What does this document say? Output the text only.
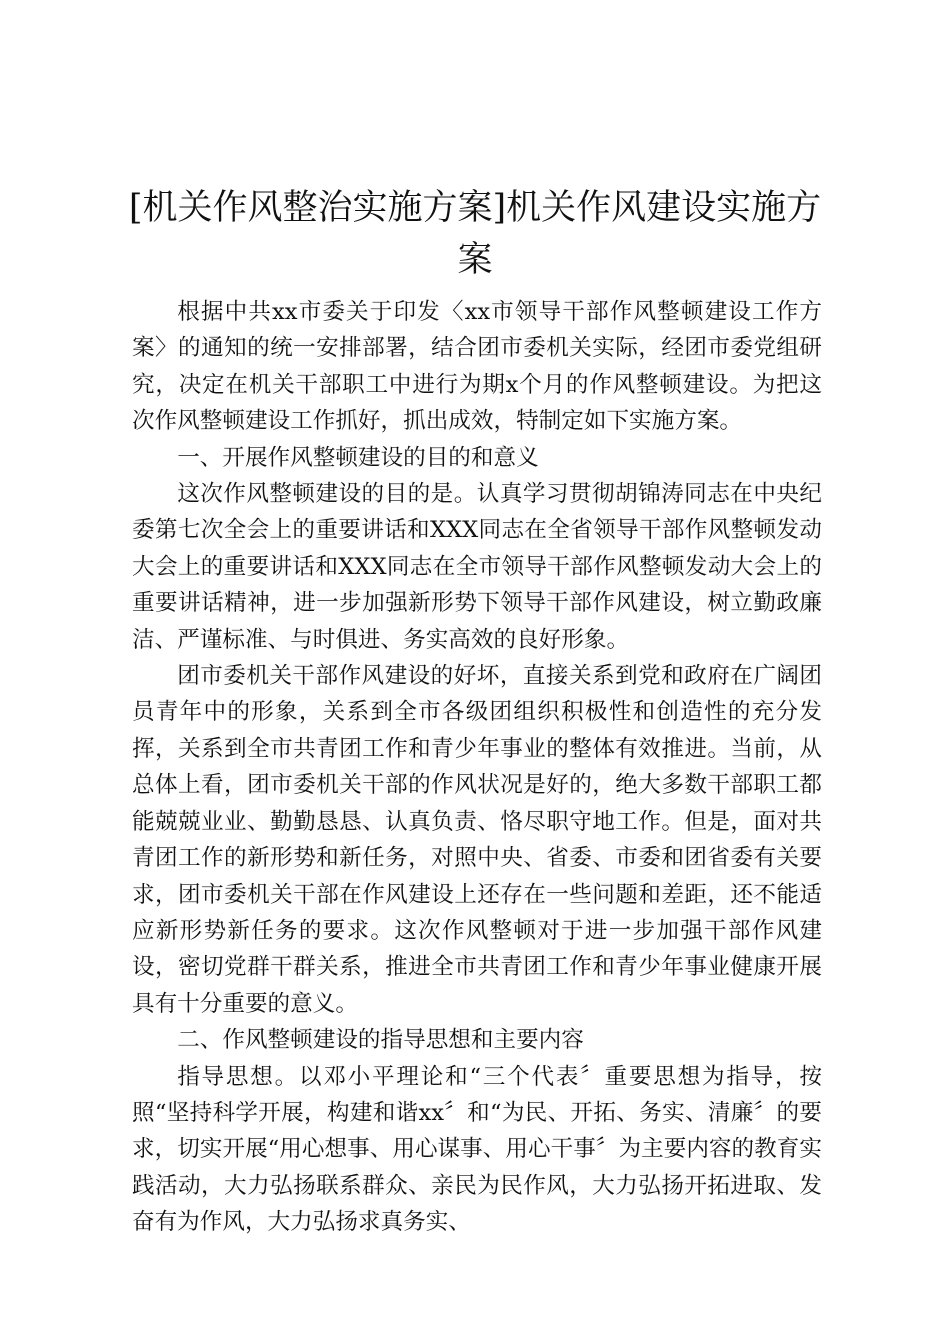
[机关作风整治实施方案]机关作风建设实施方案

根据中共xx市委关于印发〈xx市领导干部作风整顿建设工作方案〉的通知的统一安排部署，结合团市委机关实际，经团市委党组研究，决定在机关干部职工中进行为期x个月的作风整顿建设。为把这次作风整顿建设工作抓好，抓出成效，特制定如下实施方案。

一、开展作风整顿建设的目的和意义

这次作风整顿建设的目的是。认真学习贯彻胡锦涛同志在中央纪委第七次全会上的重要讲话和XXX同志在全省领导干部作风整顿发动大会上的重要讲话和XXX同志在全市领导干部作风整顿发动大会上的重要讲话精神，进一步加强新形势下领导干部作风建设，树立勤政廉洁、严谨标准、与时俱进、务实高效的良好形象。

团市委机关干部作风建设的好坏，直接关系到党和政府在广阔团员青年中的形象，关系到全市各级团组织积极性和创造性的充分发挥，关系到全市共青团工作和青少年事业的整体有效推进。当前，从总体上看，团市委机关干部的作风状况是好的，绝大多数干部职工都能兢兢业业、勤勤恳恳、认真负责、恪尽职守地工作。但是，面对共青团工作的新形势和新任务，对照中央、省委、市委和团省委有关要求，团市委机关干部在作风建设上还存在一些问题和差距，还不能适应新形势新任务的要求。这次作风整顿对于进一步加强干部作风建设，密切党群干群关系，推进全市共青团工作和青少年事业健康开展具有十分重要的意义。

二、作风整顿建设的指导思想和主要内容

指导思想。以邓小平理论和“三个代表〞重要思想为指导，按照“坚持科学开展，构建和谐xx〞和“为民、开拓、务实、清廉〞的要求，切实开展“用心想事、用心谋事、用心干事〞为主要内容的教育实践活动，大力弘扬联系群众、亲民为民作风，大力弘扬开拓进取、发奋有为作风，大力弘扬求真务实、
